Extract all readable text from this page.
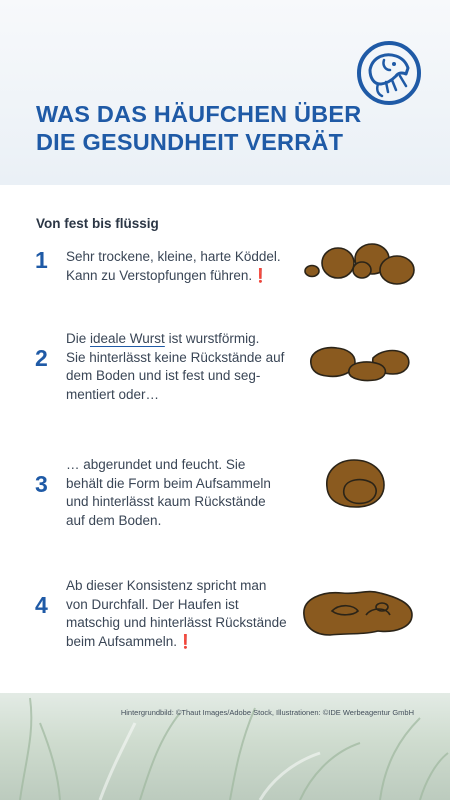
WAS DAS HÄUFCHEN ÜBER
DIE GESUNDHEIT VERRÄT
Von fest bis flüssig
1	Sehr trockene, kleine, harte Köddel.
Kann zu Verstopfungen führen.❗
2
Die ideale Wurst ist wurstförmig.
Sie hinterlässt keine Rückstände auf
dem Boden und ist fest und seg-
mentiert oder…
3
… abgerundet und feucht. Sie
behält die Form beim Aufsammeln
und hinterlässt kaum Rückstände
auf dem Boden.
4
Ab dieser Konsistenz spricht man
von Durchfall. Der Haufen ist
matschig und hinterlässt Rückstände
beim Aufsammeln.❗
Hintergrundbild: ©Thaut Images/Adobe Stock, Illustrationen: ©IDE Werbeagentur GmbH
